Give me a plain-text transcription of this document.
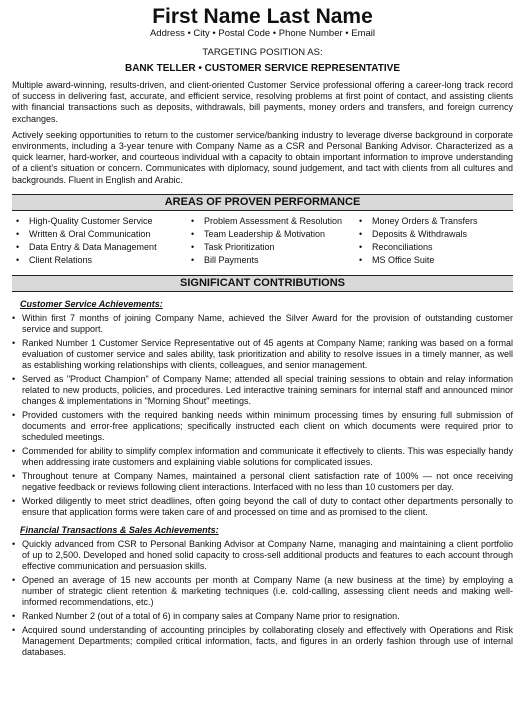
First Name Last Name
Address • City • Postal Code • Phone Number • Email
TARGETING POSITION AS:
BANK TELLER • CUSTOMER SERVICE REPRESENTATIVE

Multiple award-winning, results-driven, and client-oriented Customer Service professional offering a career-long track record of success in delivering fast, accurate, and efficient service, resolving problems at first point of contact, and assisting clients with financial transactions such as deposits, withdrawals, bill payments, money orders and transfers, and foreign currency exchanges.

Actively seeking opportunities to return to the customer service/banking industry to leverage diverse background in corporate environments, including a 3-year tenure with Company Name as a CSR and Personal Banking Advisor. Characterized as a quick learner, hard-worker, and courteous individual with a capacity to obtain important information to improve understanding of a client's situation or concern. Communicates with diplomacy, sound judgement, and tact with clients from all cultures and backgrounds. Fluent in English and Arabic.

AREAS OF PROVEN PERFORMANCE
• High-Quality Customer Service
• Written & Oral Communication
• Data Entry & Data Management
• Client Relations
• Problem Assessment & Resolution
• Team Leadership & Motivation
• Task Prioritization
• Bill Payments
• Money Orders & Transfers
• Deposits & Withdrawals
• Reconciliations
• MS Office Suite
SIGNIFICANT CONTRIBUTIONS
Customer Service Achievements:
• Within first 7 months of joining Company Name, achieved the Silver Award for the provision of outstanding customer service and support.
• Ranked Number 1 Customer Service Representative out of 45 agents at Company Name; ranking was based on a formal evaluation of customer service and sales ability, task prioritization and ability to resolve issues in a timely manner, as well as establishing working relationships with clients, colleagues, and senior management.
• Served as "Product Champion" of Company Name; attended all special training sessions to obtain and relay information related to new products, policies, and procedures. Led interactive training seminars for internal staff and announced minor changes & implementations in "Morning Shout" meetings.
• Provided customers with the required banking needs within minimum processing times by ensuring full submission of documents and error-free applications; specifically instructed each client on which documents were required prior to scheduled meetings.
• Commended for ability to simplify complex information and communicate it effectively to clients. This was especially handy when addressing irate customers and explaining viable solutions for complicated issues.
• Throughout tenure at Company Names, maintained a personal client satisfaction rate of 100% — not once receiving negative feedback or reviews following client interactions. Interfaced with no less than 10 customers per day.
• Worked diligently to meet strict deadlines, often going beyond the call of duty to contact other departments personally to ensure that application forms were taken care of and processed on time and as promised to the client.
Financial Transactions & Sales Achievements:
• Quickly advanced from CSR to Personal Banking Advisor at Company Name, managing and maintaining a client portfolio of up to 2,500. Developed and honed solid capacity to cross-sell additional products and features to each account through effective communication and persuasion skills.
• Opened an average of 15 new accounts per month at Company Name (a new business at the time) by employing a number of strategic client retention & marketing techniques (i.e. cold-calling, assessing client needs and making well-informed recommendations, etc.)
• Ranked Number 2 (out of a total of 6) in company sales at Company Name prior to resignation.
• Acquired sound understanding of accounting principles by collaborating closely and effectively with Operations and Risk Management Departments; compiled critical information, facts, and figures in an orderly fashion through use of internal databases.
